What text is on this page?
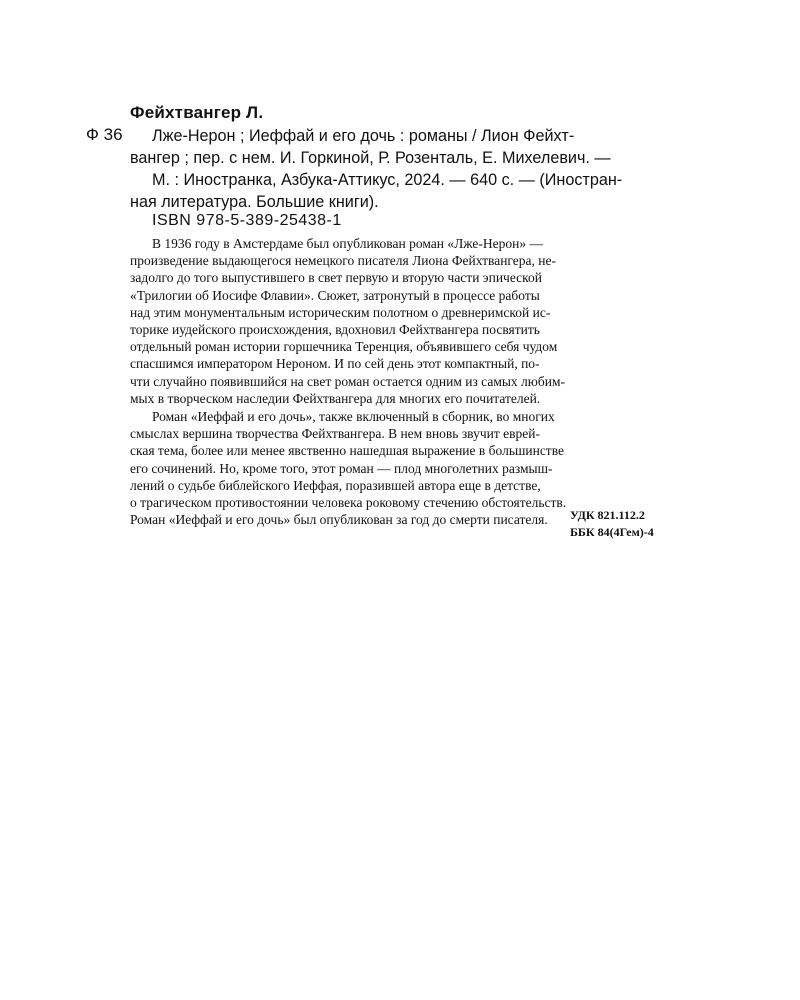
Фейхтвангер Л.
Ф 36	Лже-Нерон ; Иеффай и его дочь : романы / Лион Фейхт-
вангер ; пер. с нем. И. Горкиной, Р. Розенталь, Е. Михелевич. —
М. : Иностранка, Азбука-Аттикус, 2024. — 640 с. — (Иностран-
ная литература. Большие книги).
ISBN 978-5-389-25438-1
В 1936 году в Амстердаме был опубликован роман «Лже-Нерон» —
произведение выдающегося немецкого писателя Лиона Фейхтвангера, не-
задолго до того выпустившего в свет первую и вторую части эпической
«Трилогии об Иосифе Флавии». Сюжет, затронутый в процессе работы
над этим монументальным историческим полотном о древнеримской ис-
торике иудейского происхождения, вдохновил Фейхтвангера посвятить
отдельный роман истории горшечника Теренция, объявившего себя чудом
спасшимся императором Нероном. И по сей день этот компактный, по-
чти случайно появившийся на свет роман остается одним из самых любим-
мых в творческом наследии Фейхтвангера для многих его почитателей.
Роман «Иеффай и его дочь», также включенный в сборник, во многих
смыслах вершина творчества Фейхтвангера. В нем вновь звучит еврей-
ская тема, более или менее явственно нашедшая выражение в большинстве
его сочинений. Но, кроме того, этот роман — плод многолетних размыш-
лений о судьбе библейского Иеффая, поразившей автора еще в детстве,
о трагическом противостоянии человека роковому стечению обстоятельств.
Роман «Иеффай и его дочь» был опубликован за год до смерти писателя.	УДК 821.112.2
ББК 84(4Гем)-4
